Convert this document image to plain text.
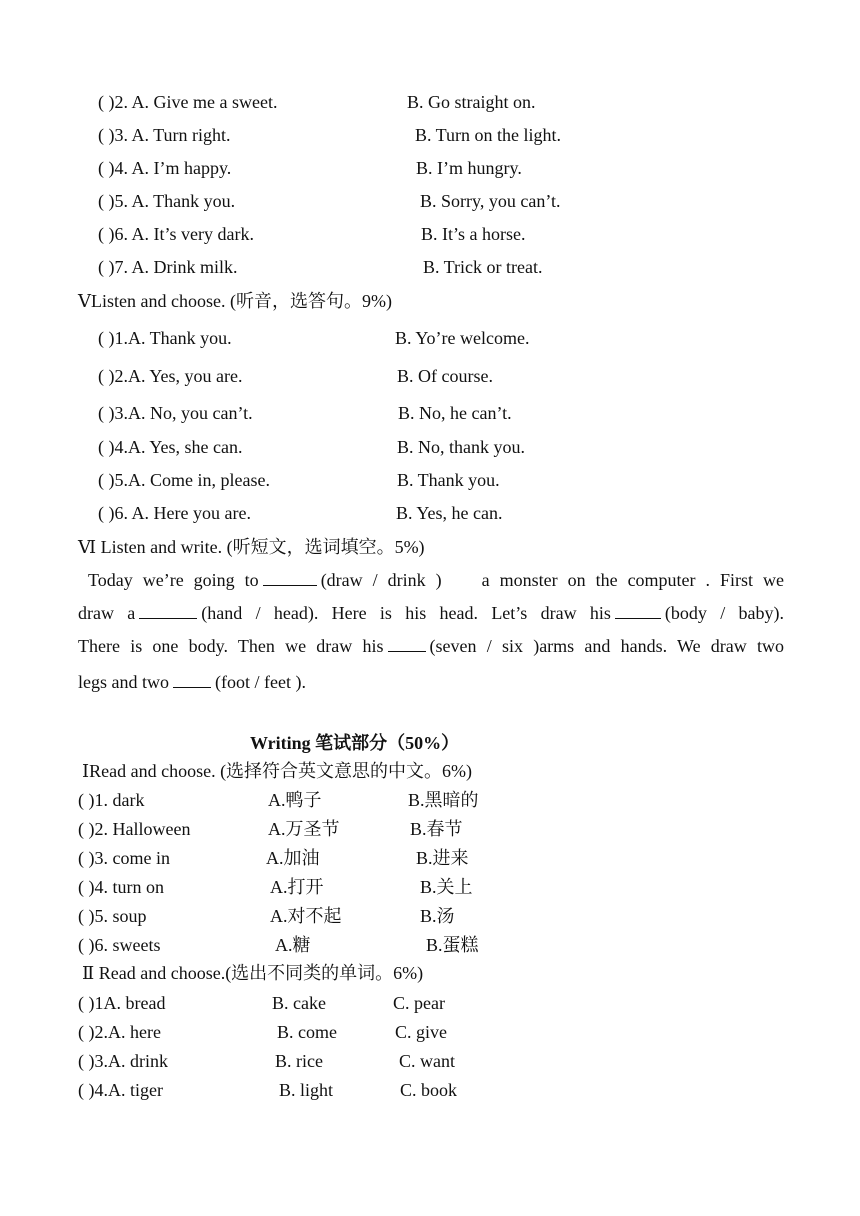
( )2. A. Give me a sweet.	B. Go straight on.
( )3. A. Turn right.	B. Turn on the light.
( )4. A. I’m happy.	B. I’m hungry.
( )5. A. Thank you.	B. Sorry, you can’t.
( )6. A. It’s very dark.	B. It’s a horse.
( )7. A. Drink milk.	B. Trick or treat.
ⅤListen and choose. (听音，选答句。9%)
( )1.A. Thank you.	B. Yo’re welcome.
( )2.A. Yes, you are.	B. Of course.
( )3.A. No, you can’t.	B. No, he can’t.
( )4.A. Yes, she can.	B. No, thank you.
( )5.A. Come in, please.	B. Thank you.
( )6. A. Here you are.	B. Yes, he can.
Ⅵ Listen and write. (听短文，选词填空。5%)
Today we’re going to	(draw / drink ) a monster on the computer . First we
draw a	(hand / head). Here is his head. Let’s draw his	(body / baby).
There is one body. Then we draw his	(seven / six )arms and hands. We draw two
legs and two	(foot / feet ).
Writing 笔试部分（50%）
ⅠRead and choose. (选择符合英文意思的中文。6%)
( )1. dark	A.鸭子	B.黑暗的
( )2. Halloween	A.万圣节	B.春节
( )3. come in	A.加油	B.进来
( )4. turn on	A.打开	B.关上
( )5. soup	A.对不起	B.汤
( )6. sweets	A.糖	B.蛋糕
Ⅱ Read and choose.(选出不同类的单词。6%)
( )1A. bread	B. cake	C. pear
( )2.A. here	B. come	C. give
( )3.A. drink	B. rice	C. want
( )4.A. tiger	B. light	C. book
